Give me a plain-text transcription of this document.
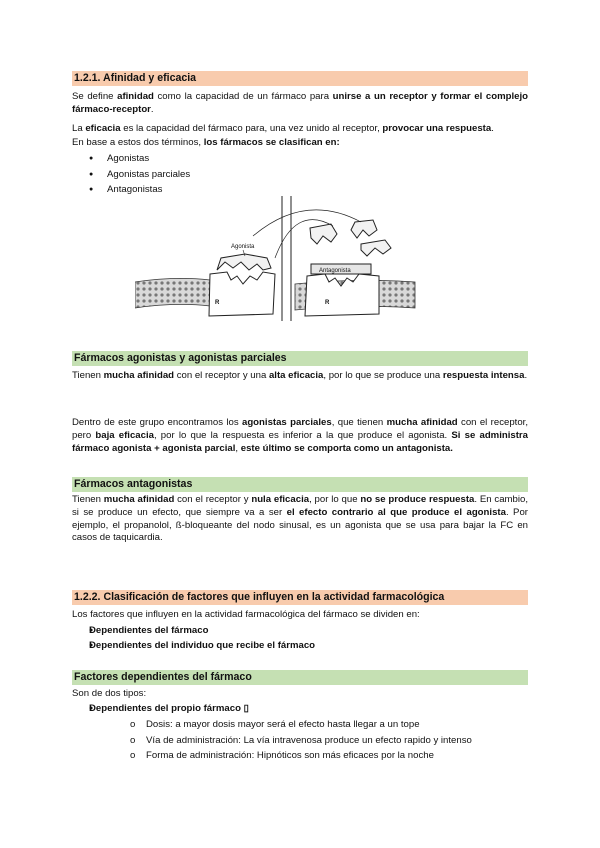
1.2.1. Afinidad y eficacia

Se define afinidad como la capacidad de un fármaco para unirse a un receptor y formar el complejo fármaco-receptor.

La eficacia es la capacidad del fármaco para, una vez unido al receptor, provocar una respuesta.

En base a estos dos términos, los fármacos se clasifican en:

● Agonistas
● Agonistas parciales
● Antagonistas
Fármacos agonistas y agonistas parciales

Tienen mucha afinidad con el receptor y una alta eficacia, por lo que se produce una respuesta intensa.

Dentro de este grupo encontramos los agonistas parciales, que tienen mucha afinidad con el receptor, pero baja eficacia, por lo que la respuesta es inferior a la que produce el agonista. Si se administra fármaco agonista + agonista parcial, este último se comporta como un antagonista.

Fármacos antagonistas

Tienen mucha afinidad con el receptor y nula eficacia, por lo que no se produce respuesta. En cambio, si se produce un efecto, que siempre va a ser el efecto contrario al que produce el agonista. Por ejemplo, el propanolol, ß-bloqueante del nodo sinusal, es un agonista que se usa para bajar la FC en casos de taquicardia.

1.2.2. Clasificación de factores que influyen en la actividad farmacológica

Los factores que influyen en la actividad farmacológica del fármaco se dividen en:

● Dependientes del fármaco
● Dependientes del individuo que recibe el fármaco
Factores dependientes del fármaco

Son de dos tipos:

● Dependientes del propio fármaco ▯
o Dosis: a mayor dosis mayor será el efecto hasta llegar a un tope
o Vía de administración: La vía intravenosa produce un efecto rapido y intenso
o Forma de administración: Hipnóticos son más eficaces por la noche
Agonista
R
Antagonista
R
